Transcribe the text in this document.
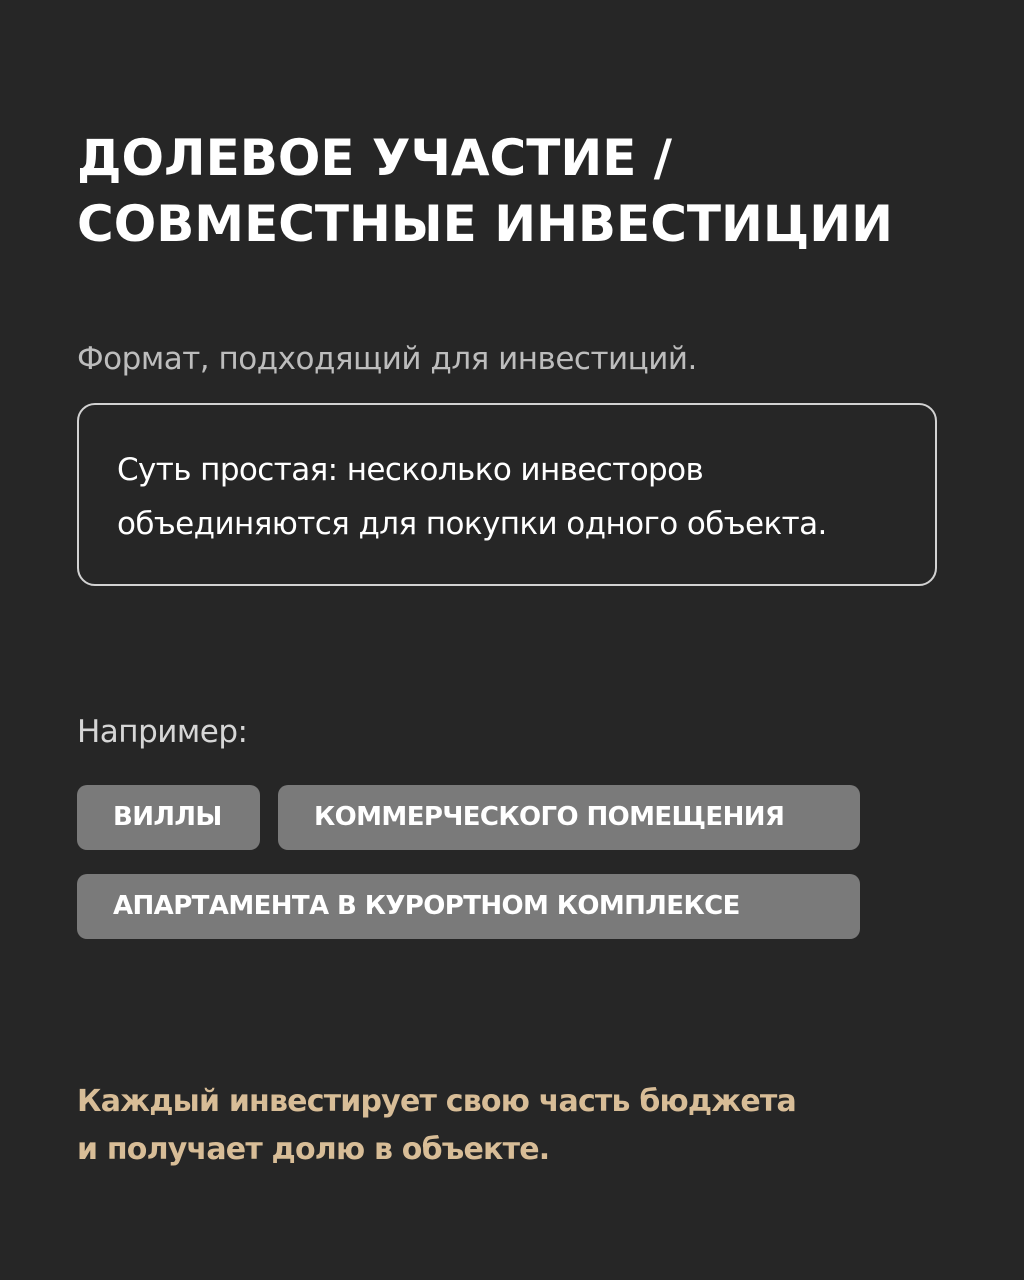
ДОЛЕВОЕ УЧАСТИЕ /
СОВМЕСТНЫЕ ИНВЕСТИЦИИ

Формат, подходящий для инвестиций.

Суть простая: несколько инвесторов

объединяются для покупки одного объекта.

Например:

ВИЛЛЫ	КОММЕРЧЕСКОГО ПОМЕЩЕНИЯ
АПАРТАМЕНТА В КУРОРТНОМ КОМПЛЕКСЕ
Каждый инвестирует свою часть бюджета
и получает долю в объекте.
